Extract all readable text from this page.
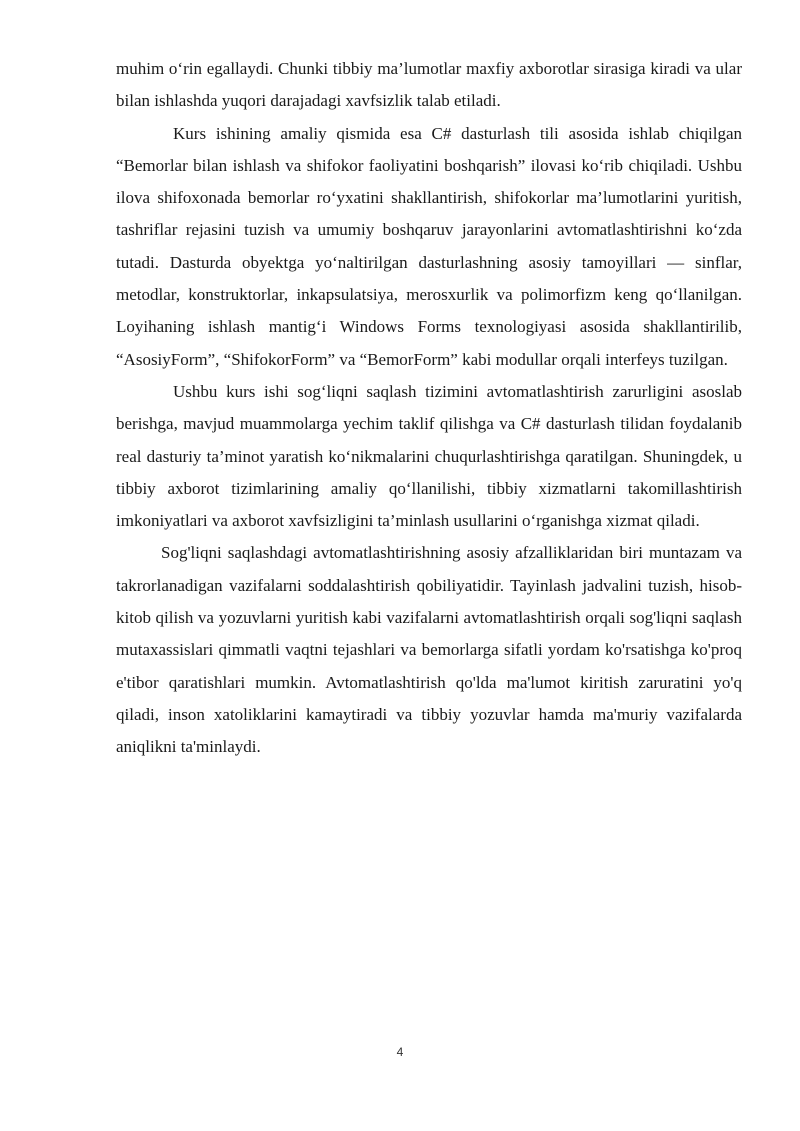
muhim o‘rin egallaydi. Chunki tibbiy ma’lumotlar maxfiy axborotlar sirasiga kiradi va ular bilan ishlashda yuqori darajadagi xavfsizlik talab etiladi.

Kurs ishining amaliy qismida esa C# dasturlash tili asosida ishlab chiqilgan “Bemorlar bilan ishlash va shifokor faoliyatini boshqarish” ilovasi ko‘rib chiqiladi. Ushbu ilova shifoxonada bemorlar ro‘yxatini shakllantirish, shifokorlar ma’lumotlarini yuritish, tashriflar rejasini tuzish va umumiy boshqaruv jarayonlarini avtomatlashtirishni ko‘zda tutadi. Dasturda obyektga yo‘naltirilgan dasturlashning asosiy tamoyillari — sinflar, metodlar, konstruktorlar, inkapsulatsiya, merosxurlik va polimorfizm keng qo‘llanilgan. Loyihaning ishlash mantig‘i Windows Forms texnologiyasi asosida shakllantirilib, “AsosiyForm”, “ShifokorForm” va “BemorForm” kabi modullar orqali interfeys tuzilgan.

Ushbu kurs ishi sog‘liqni saqlash tizimini avtomatlashtirish zarurligini asoslab berishga, mavjud muammolarga yechim taklif qilishga va C# dasturlash tilidan foydalanib real dasturiy ta’minot yaratish ko‘nikmalarini chuqurlashtirishga qaratilgan. Shuningdek, u tibbiy axborot tizimlarining amaliy qo‘llanilishi, tibbiy xizmatlarni takomillashtirish imkoniyatlari va axborot xavfsizligini ta’minlash usullarini o‘rganishga xizmat qiladi.

Sog'liqni saqlashdagi avtomatlashtirishning asosiy afzalliklaridan biri muntazam va takrorlanadigan vazifalarni soddalashtirish qobiliyatidir. Tayinlash jadvalini tuzish, hisob-kitob qilish va yozuvlarni yuritish kabi vazifalarni avtomatlashtirish orqali sog'liqni saqlash mutaxassislari qimmatli vaqtni tejashlari va bemorlarga sifatli yordam ko'rsatishga ko'proq e'tibor qaratishlari mumkin. Avtomatlashtirish qo'lda ma'lumot kiritish zaruratini yo'q qiladi, inson xatoliklarini kamaytiradi va tibbiy yozuvlar hamda ma'muriy vazifalarda aniqlikni ta'minlaydi.

4
